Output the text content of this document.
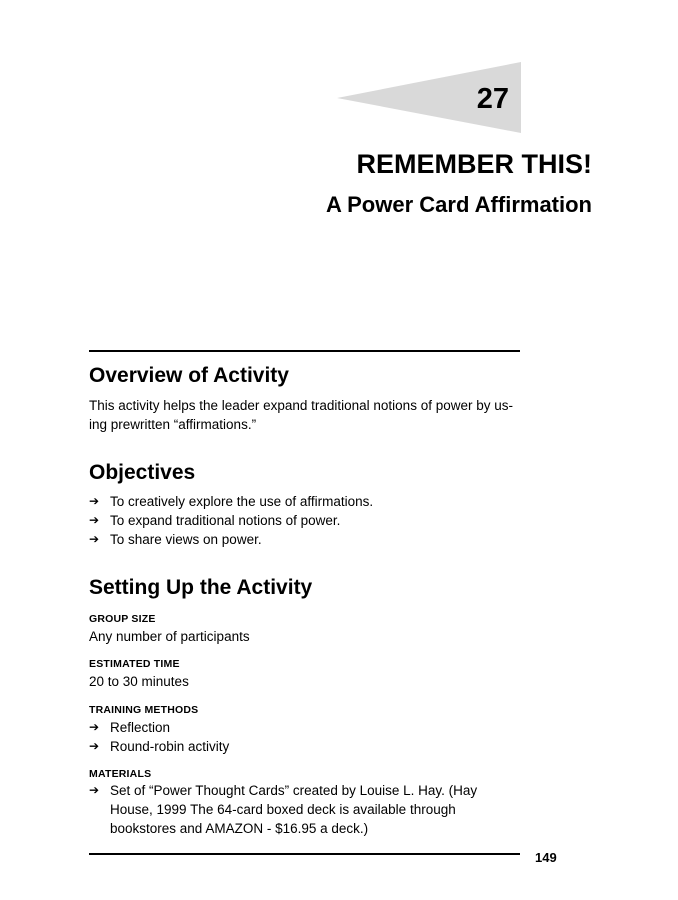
27
REMEMBER THIS!
A Power Card Affirmation
Overview of Activity
This activity helps the leader expand traditional notions of power by us-ing prewritten “affirmations.”
Objectives
➔ To creatively explore the use of affirmations.
➔ To expand traditional notions of power.
➔ To share views on power.
Setting Up the Activity
GROUP SIZE
Any number of participants
ESTIMATED TIME
20 to 30 minutes
TRAINING METHODS
➔ Reflection
➔ Round-robin activity
MATERIALS
➔ Set of “Power Thought Cards” created by Louise L. Hay. (Hay House, 1999 The 64-card boxed deck is available through bookstores and AMAZON - $16.95 a deck.)
149
